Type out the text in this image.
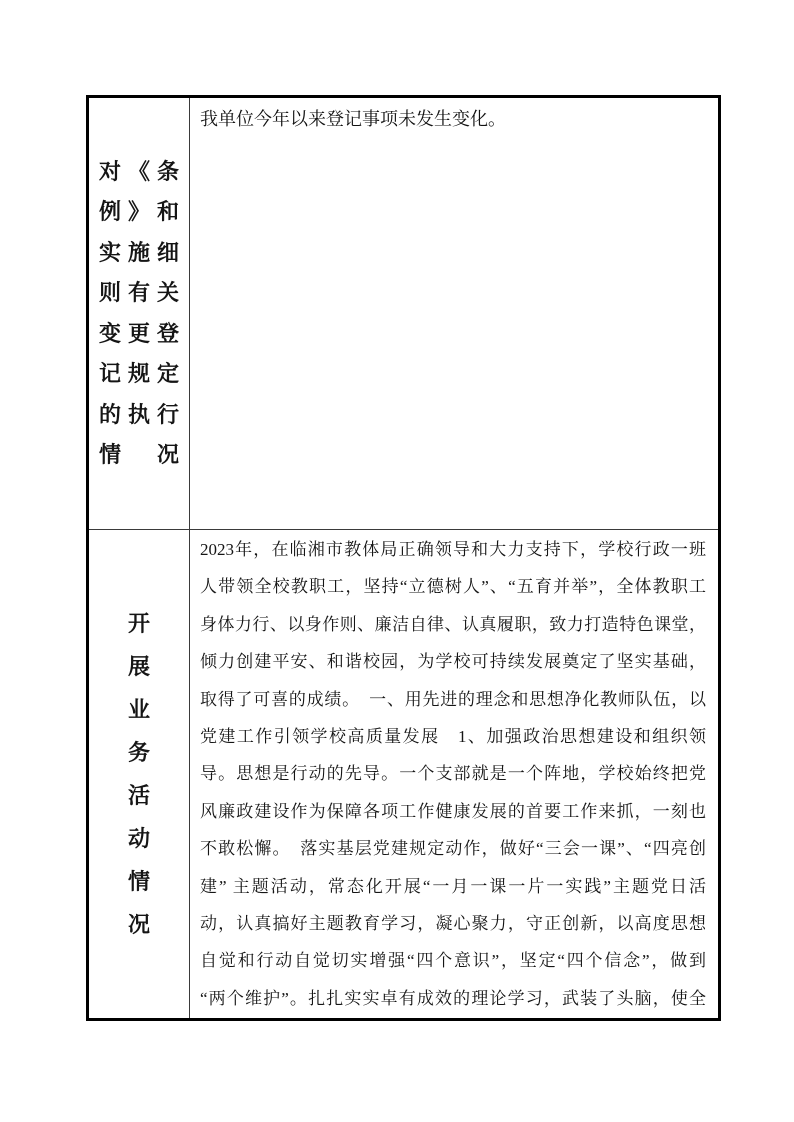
对《条
例》和
实施细
则有关
变更登
记规定
的执行
情　况
我单位今年以来登记事项未发生变化。
开
展
业
务
活
动
情
况
2023年，在临湘市教体局正确领导和大力支持下，学校行政一班
人带领全校教职工，坚持“立德树人”、“五育并举”，全体教职工
身体力行、以身作则、廉洁自律、认真履职，致力打造特色课堂，
倾力创建平安、和谐校园，为学校可持续发展奠定了坚实基础，
取得了可喜的成绩。　一、用先进的理念和思想净化教师队伍，以
党建工作引领学校高质量发展　1、加强政治思想建设和组织领
导。思想是行动的先导。一个支部就是一个阵地，学校始终把党
风廉政建设作为保障各项工作健康发展的首要工作来抓，一刻也
不敢松懈。　落实基层党建规定动作，做好“三会一课”、“四亮创
建” 主题活动，常态化开展“一月一课一片一实践”主题党日活
动，认真搞好主题教育学习，凝心聚力，守正创新，以高度思想
自觉和行动自觉切实增强“四个意识”，坚定“四个信念”，做到
“两个维护”。扎扎实实卓有成效的理论学习，武装了头脑，使全
